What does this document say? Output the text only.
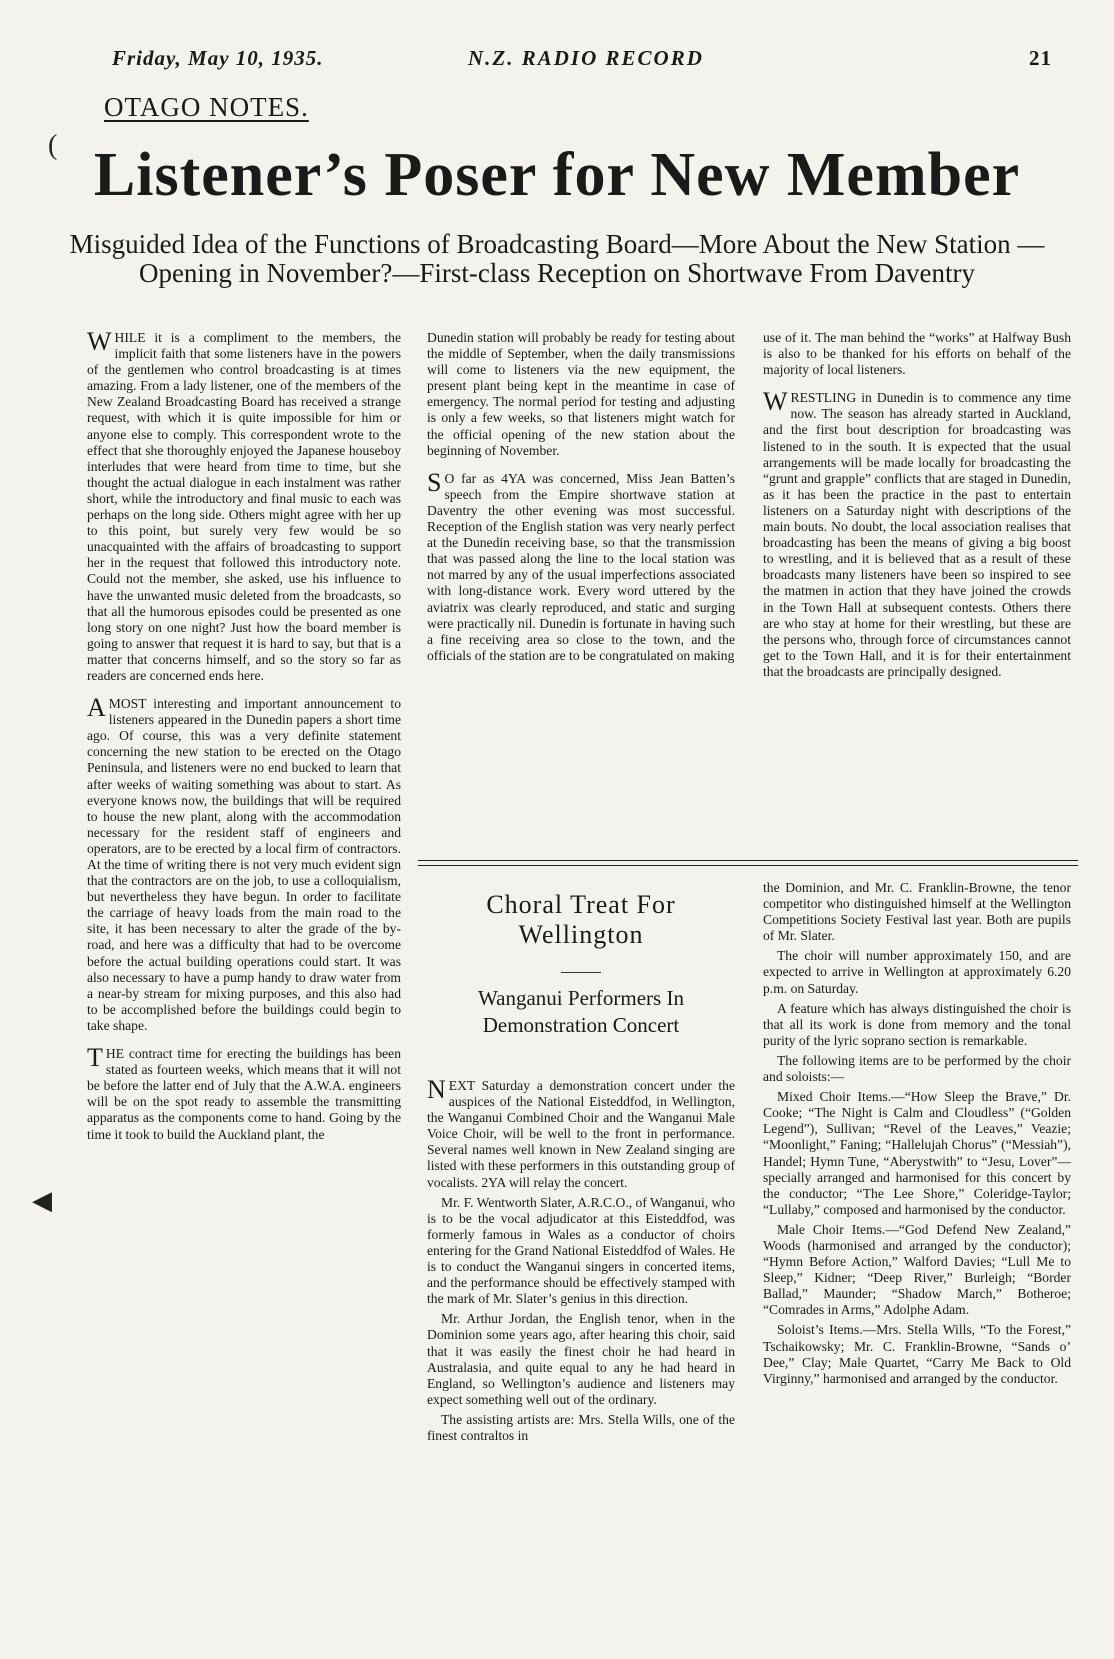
Friday, May 10, 1935.	N.Z. RADIO RECORD	21
OTAGO NOTES.
Listener’s Poser for New Member
Misguided Idea of the Functions of Broadcasting Board—More About the New Station — Opening in November?—First-class Reception on Shortwave From Daventry
(
◀

WHILE it is a compliment to the members, the implicit faith that some listeners have in the powers of the gentlemen who control broadcasting is at times amazing. From a lady listener, one of the members of the New Zealand Broadcasting Board has received a strange request, with which it is quite impossible for him or anyone else to comply. This correspondent wrote to the effect that she thoroughly enjoyed the Japanese houseboy interludes that were heard from time to time, but she thought the actual dialogue in each instalment was rather short, while the introductory and final music to each was perhaps on the long side. Others might agree with her up to this point, but surely very few would be so unacquainted with the affairs of broadcasting to support her in the request that followed this introductory note. Could not the member, she asked, use his influence to have the unwanted music deleted from the broadcasts, so that all the humorous episodes could be presented as one long story on one night? Just how the board member is going to answer that request it is hard to say, but that is a matter that concerns himself, and so the story so far as readers are concerned ends here.

A MOST interesting and important announcement to listeners appeared in the Dunedin papers a short time ago. Of course, this was a very definite statement concerning the new station to be erected on the Otago Peninsula, and listeners were no end bucked to learn that after weeks of waiting something was about to start. As everyone knows now, the buildings that will be required to house the new plant, along with the accommodation necessary for the resident staff of engineers and operators, are to be erected by a local firm of contractors. At the time of writing there is not very much evident sign that the contractors are on the job, to use a colloquialism, but nevertheless they have begun. In order to facilitate the carriage of heavy loads from the main road to the site, it has been necessary to alter the grade of the by-road, and here was a difficulty that had to be overcome before the actual building operations could start. It was also necessary to have a pump handy to draw water from a near-by stream for mixing purposes, and this also had to be accomplished before the buildings could begin to take shape.

THE contract time for erecting the buildings has been stated as fourteen weeks, which means that it will not be before the latter end of July that the A.W.A. engineers will be on the spot ready to assemble the transmitting apparatus as the components come to hand. Going by the time it took to build the Auckland plant, the

Dunedin station will probably be ready for testing about the middle of September, when the daily transmissions will come to listeners via the new equipment, the present plant being kept in the meantime in case of emergency. The normal period for testing and adjusting is only a few weeks, so that listeners might watch for the official opening of the new station about the beginning of November.

S O far as 4YA was concerned, Miss Jean Batten’s speech from the Empire shortwave station at Daventry the other evening was most successful. Reception of the English station was very nearly perfect at the Dunedin receiving base, so that the transmission that was passed along the line to the local station was not marred by any of the usual imperfections associated with long-distance work. Every word uttered by the aviatrix was clearly reproduced, and static and surging were practically nil. Dunedin is fortunate in having such a fine receiving area so close to the town, and the officials of the station are to be congratulated on making

use of it. The man behind the “works” at Halfway Bush is also to be thanked for his efforts on behalf of the majority of local listeners.

WRESTLING in Dunedin is to commence any time now. The season has already started in Auckland, and the first bout description for broadcasting was listened to in the south. It is expected that the usual arrangements will be made locally for broadcasting the “grunt and grapple” conflicts that are staged in Dunedin, as it has been the practice in the past to entertain listeners on a Saturday night with descriptions of the main bouts. No doubt, the local association realises that broadcasting has been the means of giving a big boost to wrestling, and it is believed that as a result of these broadcasts many listeners have been so inspired to see the matmen in action that they have joined the crowds in the Town Hall at subsequent contests. Others there are who stay at home for their wrestling, but these are the persons who, through force of circumstances cannot get to the Town Hall, and it is for their entertainment that the broadcasts are principally designed.

Choral Treat For Wellington
Wanganui Performers In Demonstration Concert

NEXT Saturday a demonstration concert under the auspices of the National Eisteddfod, in Wellington, the Wanganui Combined Choir and the Wanganui Male Voice Choir, will be well to the front in performance. Several names well known in New Zealand singing are listed with these performers in this outstanding group of vocalists. 2YA will relay the concert.

Mr. F. Wentworth Slater, A.R.C.O., of Wanganui, who is to be the vocal adjudicator at this Eisteddfod, was formerly famous in Wales as a conductor of choirs entering for the Grand National Eisteddfod of Wales. He is to conduct the Wanganui singers in concerted items, and the performance should be effectively stamped with the mark of Mr. Slater’s genius in this direction.

Mr. Arthur Jordan, the English tenor, when in the Dominion some years ago, after hearing this choir, said that it was easily the finest choir he had heard in Australasia, and quite equal to any he had heard in England, so Wellington’s audience and listeners may expect something well out of the ordinary.

The assisting artists are: Mrs. Stella Wills, one of the finest contraltos in

the Dominion, and Mr. C. Franklin-Browne, the tenor competitor who distinguished himself at the Wellington Competitions Society Festival last year. Both are pupils of Mr. Slater.

The choir will number approximately 150, and are expected to arrive in Wellington at approximately 6.20 p.m. on Saturday.

A feature which has always distinguished the choir is that all its work is done from memory and the tonal purity of the lyric soprano section is remarkable.

The following items are to be performed by the choir and soloists:—

Mixed Choir Items.—“How Sleep the Brave,” Dr. Cooke; “The Night is Calm and Cloudless” (“Golden Legend”), Sullivan; “Revel of the Leaves,” Veazie; “Moonlight,” Faning; “Hallelujah Chorus” (“Messiah”), Handel; Hymn Tune, “Aberystwith” to “Jesu, Lover”—specially arranged and harmonised for this concert by the conductor; “The Lee Shore,” Coleridge-Taylor; “Lullaby,” composed and harmonised by the conductor.

Male Choir Items.—“God Defend New Zealand,” Woods (harmonised and arranged by the conductor); “Hymn Before Action,” Walford Davies; “Lull Me to Sleep,” Kidner; “Deep River,” Burleigh; “Border Ballad,” Maunder; “Shadow March,” Botheroe; “Comrades in Arms,” Adolphe Adam.

Soloist’s Items.—Mrs. Stella Wills, “To the Forest,” Tschaikowsky; Mr. C. Franklin-Browne, “Sands o’ Dee,” Clay; Male Quartet, “Carry Me Back to Old Virginny,” harmonised and arranged by the conductor.
